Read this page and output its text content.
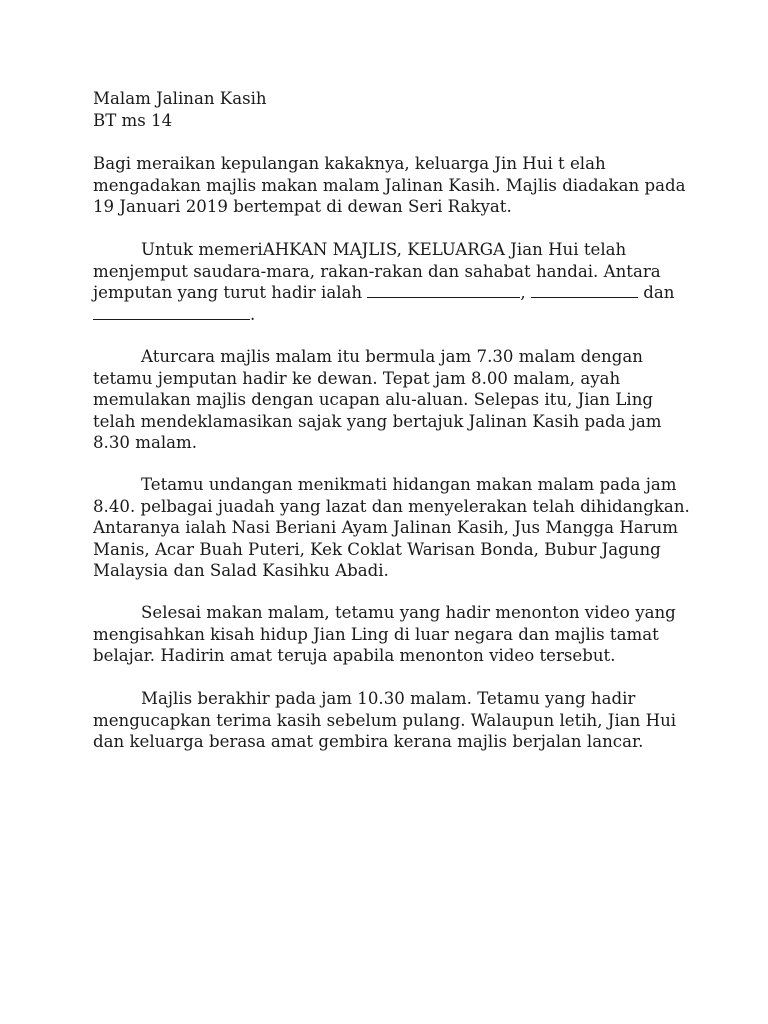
Malam Jalinan Kasih
BT ms 14
Bagi meraikan kepulangan kakaknya, keluarga Jin Hui t elah
mengadakan majlis makan malam Jalinan Kasih. Majlis diadakan pada
19 Januari 2019 bertempat di dewan Seri Rakyat.
Untuk memeriAHKAN MAJLIS, KELUARGA Jian Hui telah
menjemput saudara-mara, rakan-rakan dan sahabat handai. Antara
jemputan yang turut hadir ialah	,	dan
.
Aturcara majlis malam itu bermula jam 7.30 malam dengan
tetamu jemputan hadir ke dewan. Tepat jam 8.00 malam, ayah
memulakan majlis dengan ucapan alu-aluan. Selepas itu, Jian Ling
telah mendeklamasikan sajak yang bertajuk Jalinan Kasih pada jam
8.30 malam.
Tetamu undangan menikmati hidangan makan malam pada jam
8.40. pelbagai juadah yang lazat dan menyelerakan telah dihidangkan.
Antaranya ialah Nasi Beriani Ayam Jalinan Kasih, Jus Mangga Harum
Manis, Acar Buah Puteri, Kek Coklat Warisan Bonda, Bubur Jagung
Malaysia dan Salad Kasihku Abadi.
Selesai makan malam, tetamu yang hadir menonton video yang
mengisahkan kisah hidup Jian Ling di luar negara dan majlis tamat
belajar. Hadirin amat teruja apabila menonton video tersebut.
Majlis berakhir pada jam 10.30 malam. Tetamu yang hadir
mengucapkan terima kasih sebelum pulang. Walaupun letih, Jian Hui
dan keluarga berasa amat gembira kerana majlis berjalan lancar.
